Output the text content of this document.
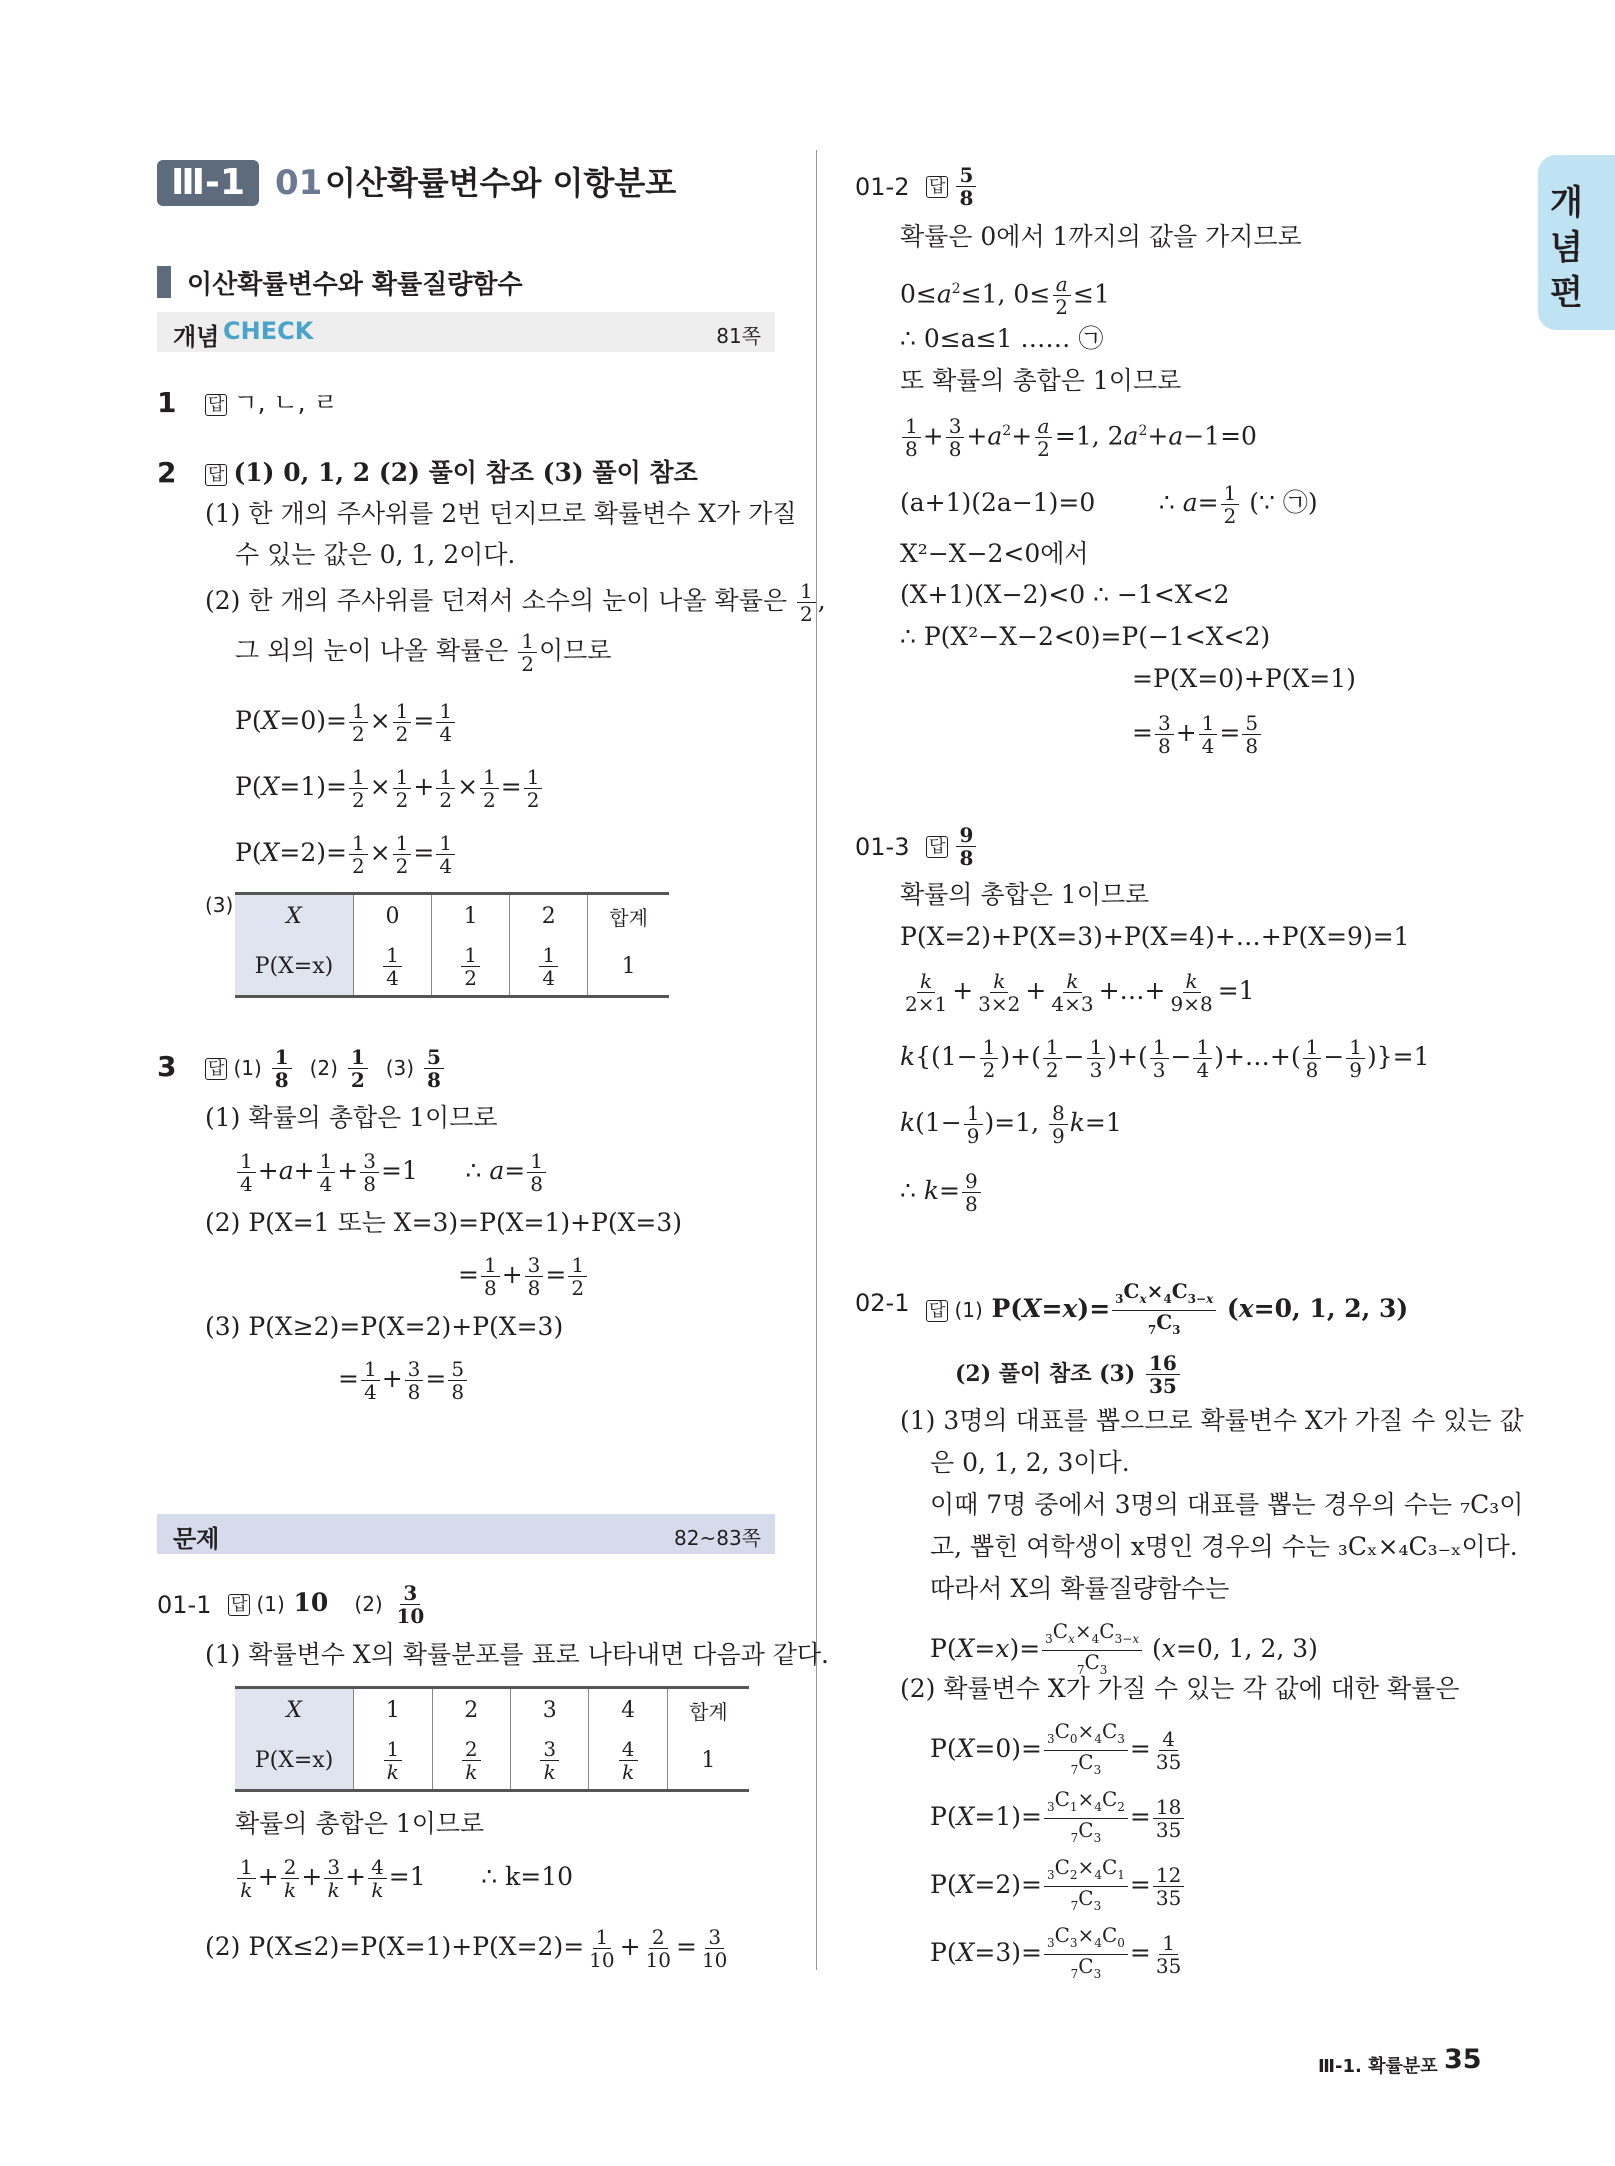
Ⅲ-1 01 이산확률변수와 이항분포	개
념
편
이산확률변수와 확률질량함수
개념 CHECK	81쪽
1 답 ㄱ, ㄴ, ㄹ
2 답 (1) 0, 1, 2 (2) 풀이 참조 (3) 풀이 참조
(1) 한 개의 주사위를 2번 던지므로 확률변수 X가 가질
수 있는 값은 0, 1, 2이다.
(2) 한 개의 주사위를 던져서 소수의 눈이 나올 확률은 $\frac{1}{2}$ ,
그 외의 눈이 나올 확률은 $\frac{1}{2}$ 이므로
$P(X=0)= \frac{1}{2} \times \frac{1}{2} = \frac{1}{4}$
$P(X=1)= \frac{1}{2} \times \frac{1}{2} + \frac{1}{2} \times \frac{1}{2} = \frac{1}{2}$
$P(X=2)= \frac{1}{2} \times \frac{1}{2} = \frac{1}{4}$
(3) X	0	1	2	합계
P(X=x)	$\frac{1}{4}$	$\frac{1}{2}$	$\frac{1}{4}$	1
3 답 $(1) \frac{1}{8} (2) \frac{1}{2} (3) \frac{5}{8}$
(1) 확률의 총합은 1이므로
$\frac{1}{4} +a+ \frac{1}{4} + \frac{3}{8} =1$      ∴ $a= \frac{1}{8}$
(2) P(X=1 또는 X=3)=P(X=1)+P(X=3)
= $\frac{1}{8} + \frac{3}{8} = \frac{1}{2}$
(3) P(X≥2)=P(X=2)+P(X=3)
= $\frac{1}{4} + \frac{3}{8} = \frac{5}{8}$
문제	82~83쪽
01-1 답 (1) 10   $(2) \frac{3}{10}$
(1) 확률변수 X의 확률분포를 표로 나타내면 다음과 같다.
X	1	2	3	4	합계
P(X=x)	$\frac{1}{k}$	$\frac{2}{k}$	$\frac{3}{k}$	$\frac{4}{k}$	1
확률의 총합은 1이므로
$\frac{1}{k} + \frac{2}{k} + \frac{3}{k} + \frac{4}{k} =1$       ∴ k=10
(2) $P(X\le 2)=P(X=1)+P(X=2)= \frac{1}{10} + \frac{2}{10} = \frac{3}{10}$
01-2 답 $\frac{5}{8}$
확률은 0에서 1까지의 값을 가지므로
$0\le a^2\le 1$, $0\le \frac{a}{2} \le 1$
∴ 0≤a≤1 …… ㉠
또 확률의 총합은 1이므로
$\frac{1}{8} + \frac{3}{8} +a^2+ \frac{a}{2} =1$, $2a^2+a-1=0$
(a+1)(2a−1)=0        ∴ $a= \frac{1}{2}$ (∵ ㉠)
X²−X−2<0에서
(X+1)(X−2)<0 ∴ −1<X<2
∴ P(X²−X−2<0)=P(−1<X<2)
=P(X=0)+P(X=1)
= $\frac{3}{8} + \frac{1}{4} = \frac{5}{8}$
01-3 답 $\frac{9}{8}$
확률의 총합은 1이므로
P(X=2)+P(X=3)+P(X=4)+…+P(X=9)=1
$\frac{k}{2\times 1} + \frac{k}{3\times 2} + \frac{k}{4\times 3}$ +…+ $\frac{k}{9\times 8} =1$
$k\{(1- \frac{1}{2}$ )+( $\frac{1}{2} - \frac{1}{3}$ )+( $\frac{1}{3} - \frac{1}{4}$ )+…+( $\frac{1}{8} - \frac{1}{9} )\}=1$
$k(1- \frac{1}{9} )=1$, $\frac{8}{9} k=1$
∴ $k= \frac{9}{8}$
02-1 답 (1) $P(X=x)= \frac{_3C_x\times_4C_{3-x}}{_7C_3} (x=0$, 1, 2, 3)
(2) 풀이 참조 $(3) \frac{16}{35}$
(1) 3명의 대표를 뽑으므로 확률변수 X가 가질 수 있는 값
은 0, 1, 2, 3이다.
이때 7명 중에서 3명의 대표를 뽑는 경우의 수는 ₇C₃이
고, 뽑힌 여학생이 x명인 경우의 수는 ₃Cₓ×₄C₃₋ₓ이다.
따라서 X의 확률질량함수는
$P(X=x)= \frac{_3C_x\times_4C_{3-x}}{_7C_3} (x=0$, 1, 2, 3)
(2) 확률변수 X가 가질 수 있는 각 값에 대한 확률은
$P(X=0)= \frac{_3C_0\times_4C_3}{_7C_3} = \frac{4}{35}$
$P(X=1)= \frac{_3C_1\times_4C_2}{_7C_3} = \frac{18}{35}$
$P(X=2)= \frac{_3C_2\times_4C_1}{_7C_3} = \frac{12}{35}$
$P(X=3)= \frac{_3C_3\times_4C_0}{_7C_3} = \frac{1}{35}$
Ⅲ-1. 확률분포 35
